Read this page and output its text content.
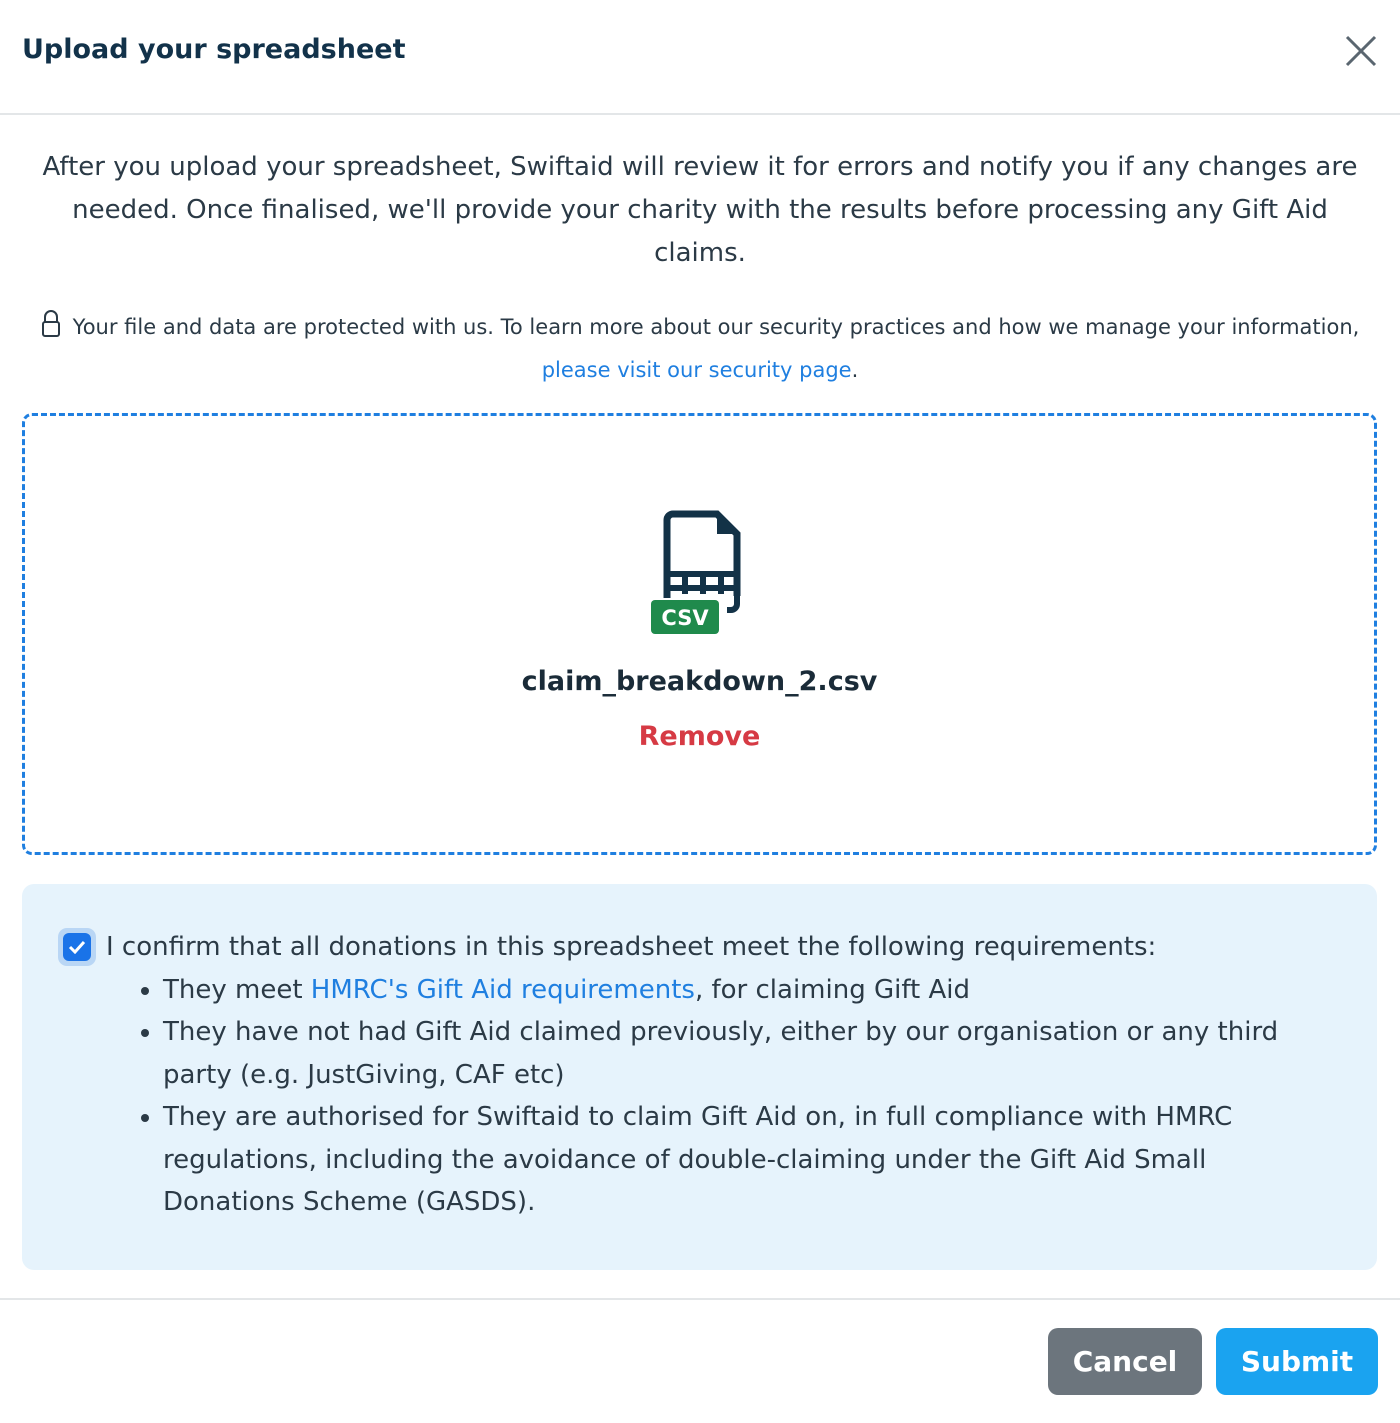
Upload your spreadsheet

After you upload your spreadsheet, Swiftaid will review it for errors and notify you if any changes are needed. Once finalised, we'll provide your charity with the results before processing any Gift Aid claims.

Your file and data are protected with us. To learn more about our security practices and how we manage your information,
please visit our security page.
CSV
claim_breakdown_2.csv
Remove
I confirm that all donations in this spreadsheet meet the following requirements:
• They meet HMRC's Gift Aid requirements, for claiming Gift Aid
• They have not had Gift Aid claimed previously, either by our organisation or any third party (e.g. JustGiving, CAF etc)
• They are authorised for Swiftaid to claim Gift Aid on, in full compliance with HMRC regulations, including the avoidance of double-claiming under the Gift Aid Small Donations Scheme (GASDS).
Cancel	Submit
